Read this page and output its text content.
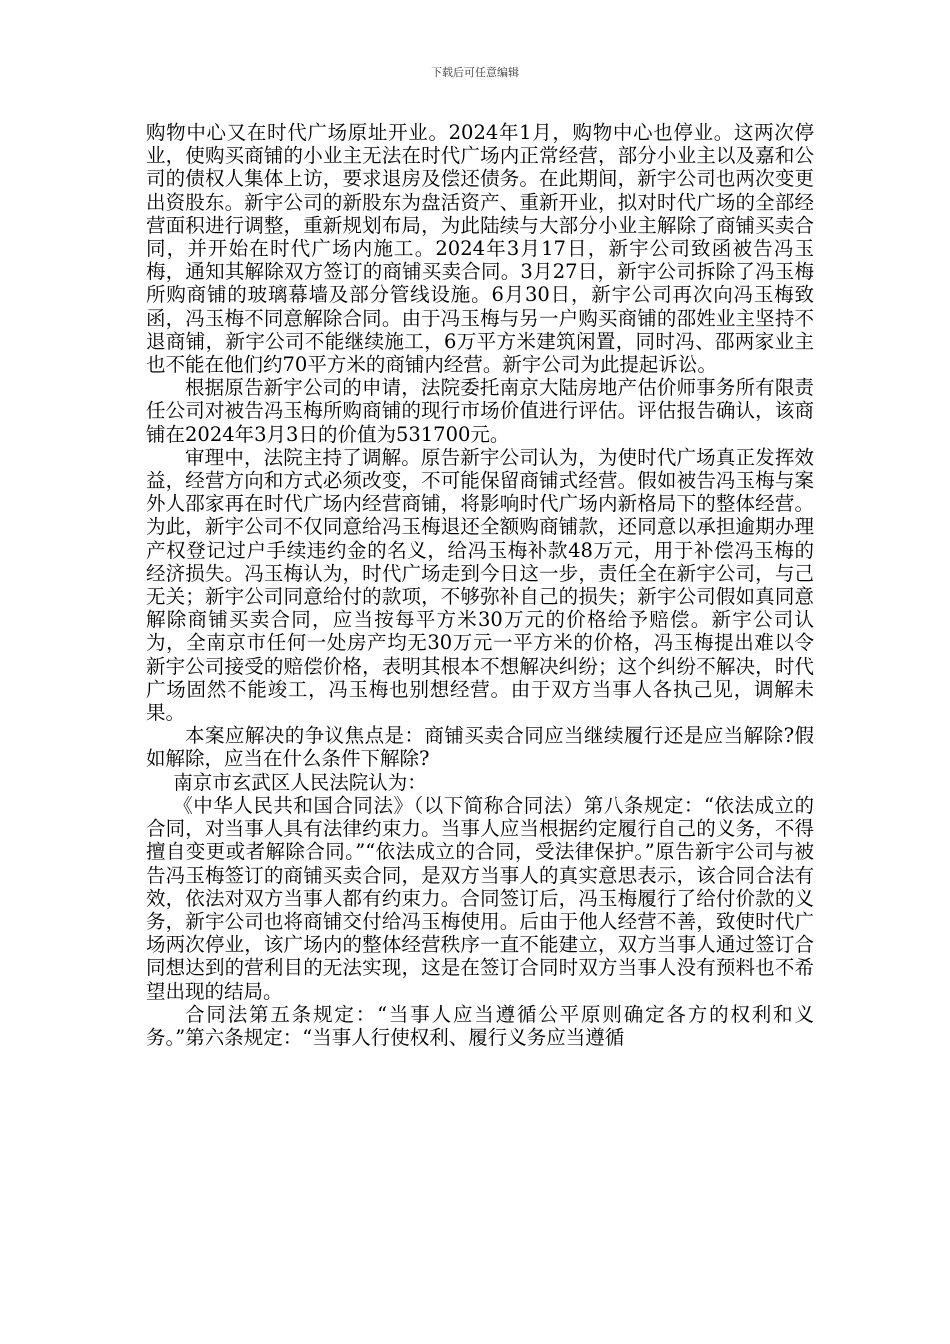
下载后可任意编辑

购物中心又在时代广场原址开业。2024年1月，购物中心也停业。这两次停业，使购买商铺的小业主无法在时代广场内正常经营，部分小业主以及嘉和公司的债权人集体上访，要求退房及偿还债务。在此期间，新宇公司也两次变更出资股东。新宇公司的新股东为盘活资产、重新开业，拟对时代广场的全部经营面积进行调整，重新规划布局，为此陆续与大部分小业主解除了商铺买卖合同，并开始在时代广场内施工。2024年3月17日，新宇公司致函被告冯玉梅，通知其解除双方签订的商铺买卖合同。3月27日，新宇公司拆除了冯玉梅所购商铺的玻璃幕墙及部分管线设施。6月30日，新宇公司再次向冯玉梅致函，冯玉梅不同意解除合同。由于冯玉梅与另一户购买商铺的邵姓业主坚持不退商铺，新宇公司不能继续施工，6万平方米建筑闲置，同时冯、邵两家业主也不能在他们约70平方米的商铺内经营。新宇公司为此提起诉讼。

根据原告新宇公司的申请，法院委托南京大陆房地产估价师事务所有限责任公司对被告冯玉梅所购商铺的现行市场价值进行评估。评估报告确认，该商铺在2024年3月3日的价值为531700元。

审理中，法院主持了调解。原告新宇公司认为，为使时代广场真正发挥效益，经营方向和方式必须改变，不可能保留商铺式经营。假如被告冯玉梅与案外人邵家再在时代广场内经营商铺，将影响时代广场内新格局下的整体经营。为此，新宇公司不仅同意给冯玉梅退还全额购商铺款，还同意以承担逾期办理产权登记过户手续违约金的名义，给冯玉梅补款48万元，用于补偿冯玉梅的经济损失。冯玉梅认为，时代广场走到今日这一步，责任全在新宇公司，与己无关；新宇公司同意给付的款项，不够弥补自己的损失；新宇公司假如真同意解除商铺买卖合同，应当按每平方米30万元的价格给予赔偿。新宇公司认为，全南京市任何一处房产均无30万元一平方米的价格，冯玉梅提出难以令新宇公司接受的赔偿价格，表明其根本不想解决纠纷；这个纠纷不解决，时代广场固然不能竣工，冯玉梅也别想经营。由于双方当事人各执己见，调解未果。

本案应解决的争议焦点是：商铺买卖合同应当继续履行还是应当解除?假如解除，应当在什么条件下解除?

南京市玄武区人民法院认为：

《中华人民共和国合同法》（以下简称合同法）第八条规定：“依法成立的合同，对当事人具有法律约束力。当事人应当根据约定履行自己的义务，不得擅自变更或者解除合同。”“依法成立的合同，受法律保护。”原告新宇公司与被告冯玉梅签订的商铺买卖合同，是双方当事人的真实意思表示，该合同合法有效，依法对双方当事人都有约束力。合同签订后，冯玉梅履行了给付价款的义务，新宇公司也将商铺交付给冯玉梅使用。后由于他人经营不善，致使时代广场两次停业，该广场内的整体经营秩序一直不能建立，双方当事人通过签订合同想达到的营利目的无法实现，这是在签订合同时双方当事人没有预料也不希望出现的结局。

合同法第五条规定：“当事人应当遵循公平原则确定各方的权利和义务。”第六条规定：“当事人行使权利、履行义务应当遵循
